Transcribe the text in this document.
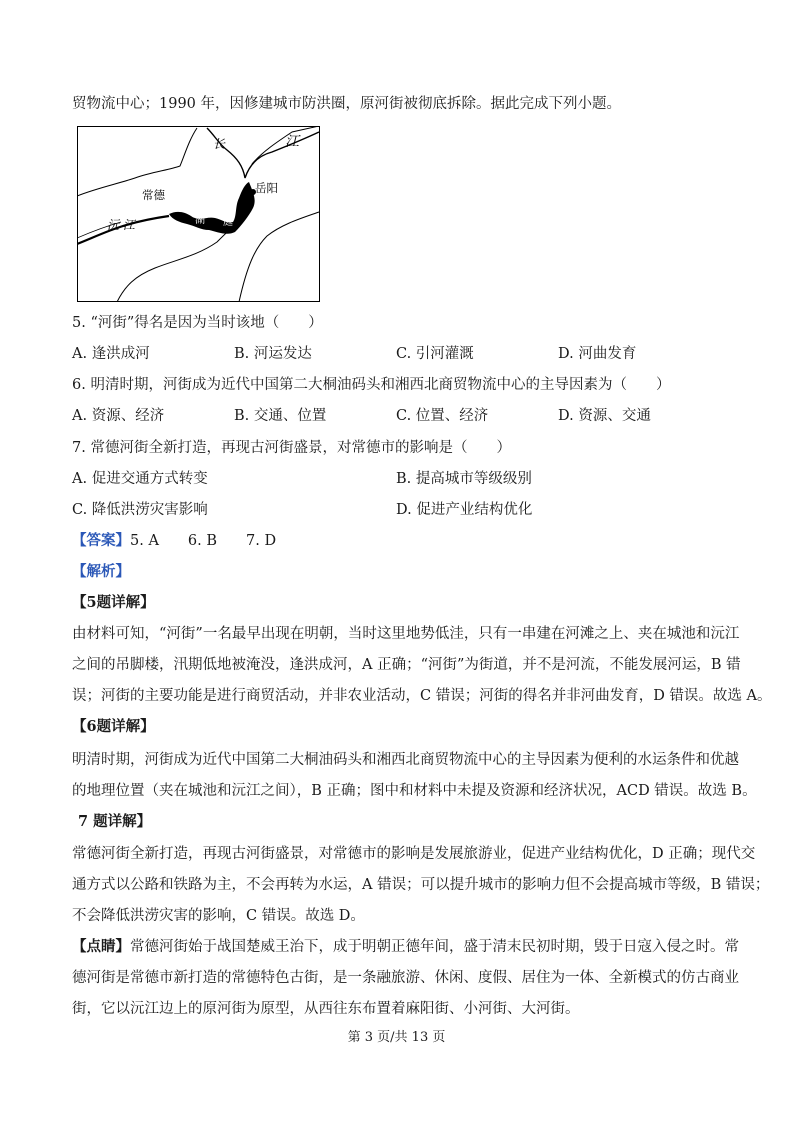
贸物流中心；1990 年，因修建城市防洪圈，原河街被彻底拆除。据此完成下列小题。
长	江
常德
沅 江
岳阳
洞
庭
湖
5. “河街”得名是因为当时该地（　　）
A. 逢洪成河	B. 河运发达	C. 引河灌溉	D. 河曲发育
6. 明清时期，河街成为近代中国第二大桐油码头和湘西北商贸物流中心的主导因素为（　　）
A. 资源、经济	B. 交通、位置	C. 位置、经济	D. 资源、交通
7. 常德河街全新打造，再现古河街盛景，对常德市的影响是（　　）
A. 促进交通方式转变	B. 提高城市等级级别
C. 降低洪涝灾害影响	D. 促进产业结构优化
【答案】5. A　　6. B　　7. D
【解析】
【5题详解】
由材料可知，“河街”一名最早出现在明朝，当时这里地势低洼，只有一串建在河滩之上、夹在城池和沅江
之间的吊脚楼，汛期低地被淹没，逢洪成河，A 正确；“河街”为街道，并不是河流，不能发展河运，B 错
误；河街的主要功能是进行商贸活动，并非农业活动，C 错误；河街的得名并非河曲发育，D 错误。故选 A。
【6题详解】
明清时期，河街成为近代中国第二大桐油码头和湘西北商贸物流中心的主导因素为便利的水运条件和优越
的地理位置（夹在城池和沅江之间），B 正确；图中和材料中未提及资源和经济状况，ACD 错误。故选 B。
7 题详解】
常德河街全新打造，再现古河街盛景，对常德市的影响是发展旅游业，促进产业结构优化，D 正确；现代交
通方式以公路和铁路为主，不会再转为水运，A 错误；可以提升城市的影响力但不会提高城市等级，B 错误；
不会降低洪涝灾害的影响，C 错误。故选 D。
【点睛】常德河街始于战国楚威王治下，成于明朝正德年间，盛于清末民初时期，毁于日寇入侵之时。常
德河街是常德市新打造的常德特色古街，是一条融旅游、休闲、度假、居住为一体、全新模式的仿古商业
街，它以沅江边上的原河街为原型，从西往东布置着麻阳街、小河街、大河街。
第 3 页/共 13 页
